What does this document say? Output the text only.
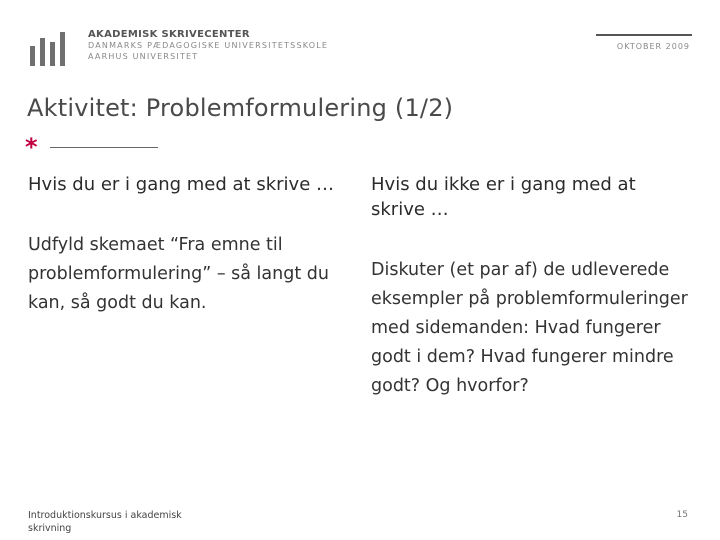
AKADEMISK SKRIVECENTER
DANMARKS PÆDAGOGISKE UNIVERSITETSSKOLE
AARHUS UNIVERSITET
OKTOBER 2009
Aktivitet: Problemformulering (1/2)
*

Hvis du er i gang med at skrive …

Udfyld skemaet “Fra emne til problemformulering” – så langt du kan, så godt du kan.

Hvis du ikke er i gang med at skrive …

Diskuter (et par af) de udleverede eksempler på problemformuleringer med sidemanden: Hvad fungerer godt i dem? Hvad fungerer mindre godt? Og hvorfor?

Introduktionskursus i akademisk skrivning
15
